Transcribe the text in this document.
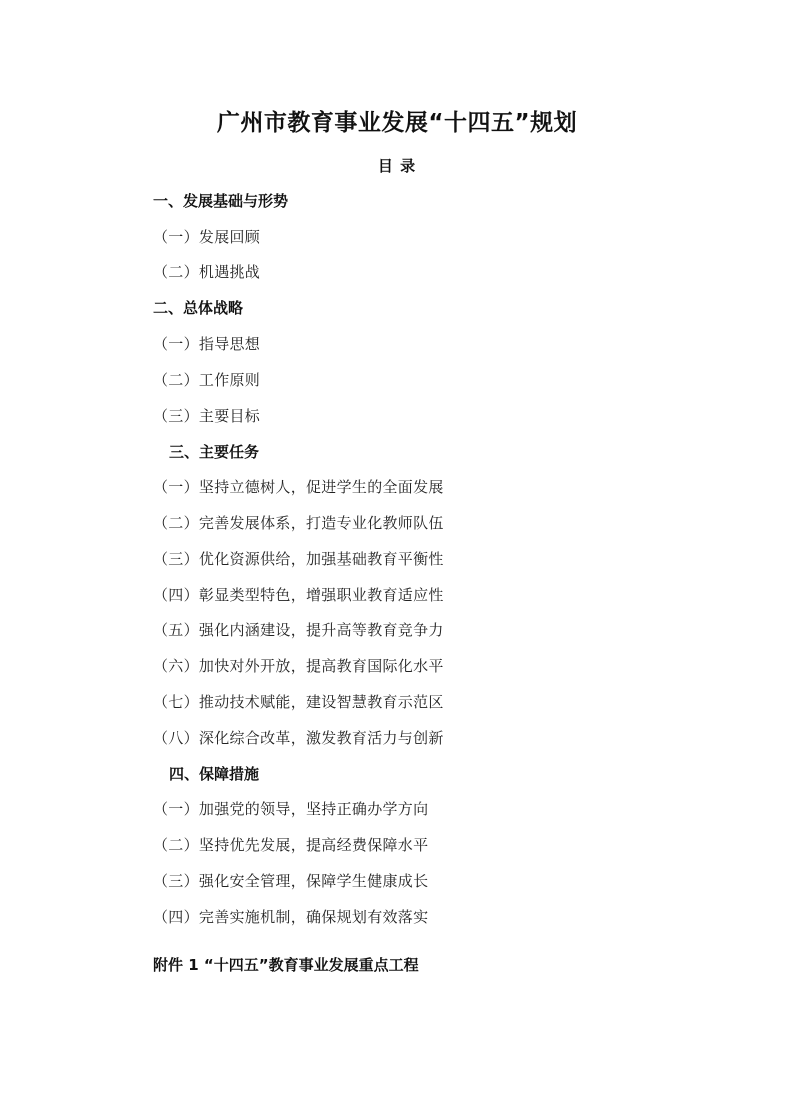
广州市教育事业发展“十四五”规划
目 录
一、发展基础与形势
（一）发展回顾
（二）机遇挑战
二、总体战略
（一）指导思想
（二）工作原则
（三）主要目标
三、主要任务
（一）坚持立德树人，促进学生的全面发展
（二）完善发展体系，打造专业化教师队伍
（三）优化资源供给，加强基础教育平衡性
（四）彰显类型特色，增强职业教育适应性
（五）强化内涵建设，提升高等教育竞争力
（六）加快对外开放，提高教育国际化水平
（七）推动技术赋能，建设智慧教育示范区
（八）深化综合改革，激发教育活力与创新
四、保障措施
（一）加强党的领导，坚持正确办学方向
（二）坚持优先发展，提高经费保障水平
（三）强化安全管理，保障学生健康成长
（四）完善实施机制，确保规划有效落实
附件 1 “十四五”教育事业发展重点工程
